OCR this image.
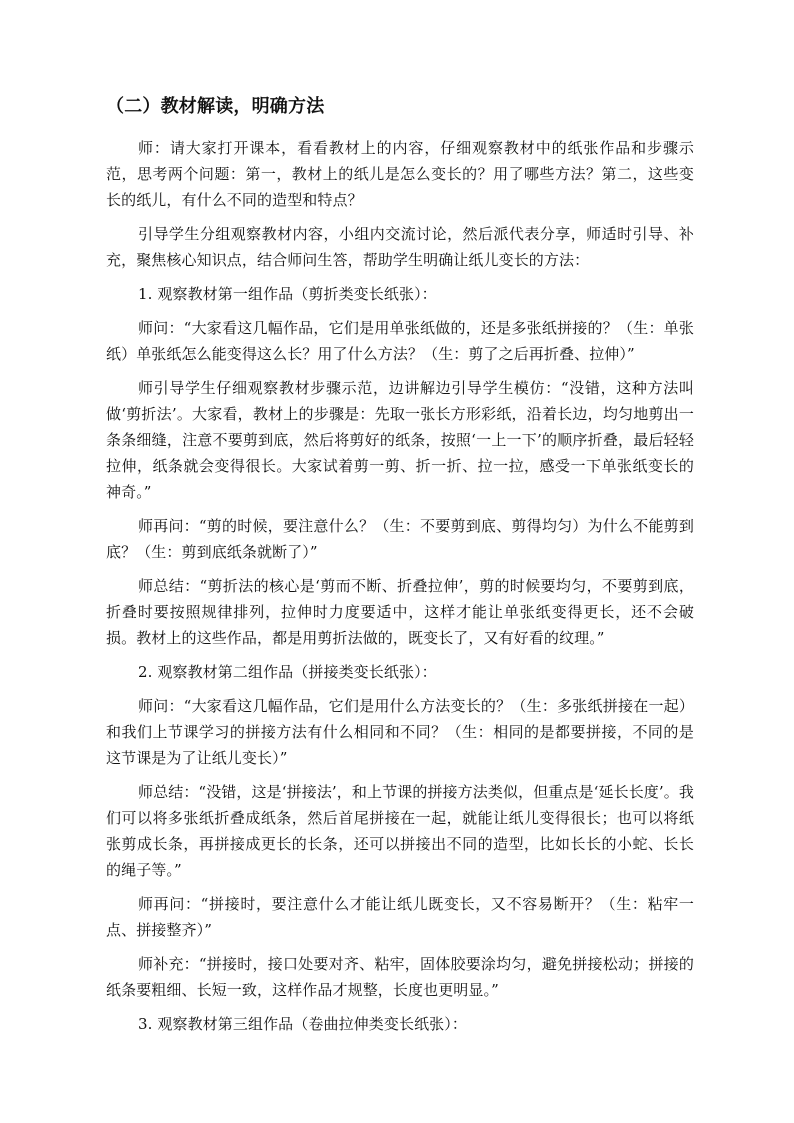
（二）教材解读，明确方法

师：请大家打开课本，看看教材上的内容，仔细观察教材中的纸张作品和步骤示范，思考两个问题：第一，教材上的纸儿是怎么变长的？用了哪些方法？第二，这些变长的纸儿，有什么不同的造型和特点？

引导学生分组观察教材内容，小组内交流讨论，然后派代表分享，师适时引导、补充，聚焦核心知识点，结合师问生答，帮助学生明确让纸儿变长的方法：

1. 观察教材第一组作品（剪折类变长纸张）：

师问：“大家看这几幅作品，它们是用单张纸做的，还是多张纸拼接的？（生：单张纸）单张纸怎么能变得这么长？用了什么方法？（生：剪了之后再折叠、拉伸）”

师引导学生仔细观察教材步骤示范，边讲解边引导学生模仿：“没错，这种方法叫做‘剪折法’。大家看，教材上的步骤是：先取一张长方形彩纸，沿着长边，均匀地剪出一条条细缝，注意不要剪到底，然后将剪好的纸条，按照‘一上一下’的顺序折叠，最后轻轻拉伸，纸条就会变得很长。大家试着剪一剪、折一折、拉一拉，感受一下单张纸变长的神奇。”

师再问：“剪的时候，要注意什么？（生：不要剪到底、剪得均匀）为什么不能剪到底？（生：剪到底纸条就断了）”

师总结：“剪折法的核心是‘剪而不断、折叠拉伸’，剪的时候要均匀，不要剪到底，折叠时要按照规律排列，拉伸时力度要适中，这样才能让单张纸变得更长，还不会破损。教材上的这些作品，都是用剪折法做的，既变长了，又有好看的纹理。”

2. 观察教材第二组作品（拼接类变长纸张）：

师问：“大家看这几幅作品，它们是用什么方法变长的？（生：多张纸拼接在一起）和我们上节课学习的拼接方法有什么相同和不同？（生：相同的是都要拼接，不同的是这节课是为了让纸儿变长）”

师总结：“没错，这是‘拼接法’，和上节课的拼接方法类似，但重点是‘延长长度’。我们可以将多张纸折叠成纸条，然后首尾拼接在一起，就能让纸儿变得很长；也可以将纸张剪成长条，再拼接成更长的长条，还可以拼接出不同的造型，比如长长的小蛇、长长的绳子等。”

师再问：“拼接时，要注意什么才能让纸儿既变长，又不容易断开？（生：粘牢一点、拼接整齐）”

师补充：“拼接时，接口处要对齐、粘牢，固体胶要涂均匀，避免拼接松动；拼接的纸条要粗细、长短一致，这样作品才规整，长度也更明显。”

3. 观察教材第三组作品（卷曲拉伸类变长纸张）：
